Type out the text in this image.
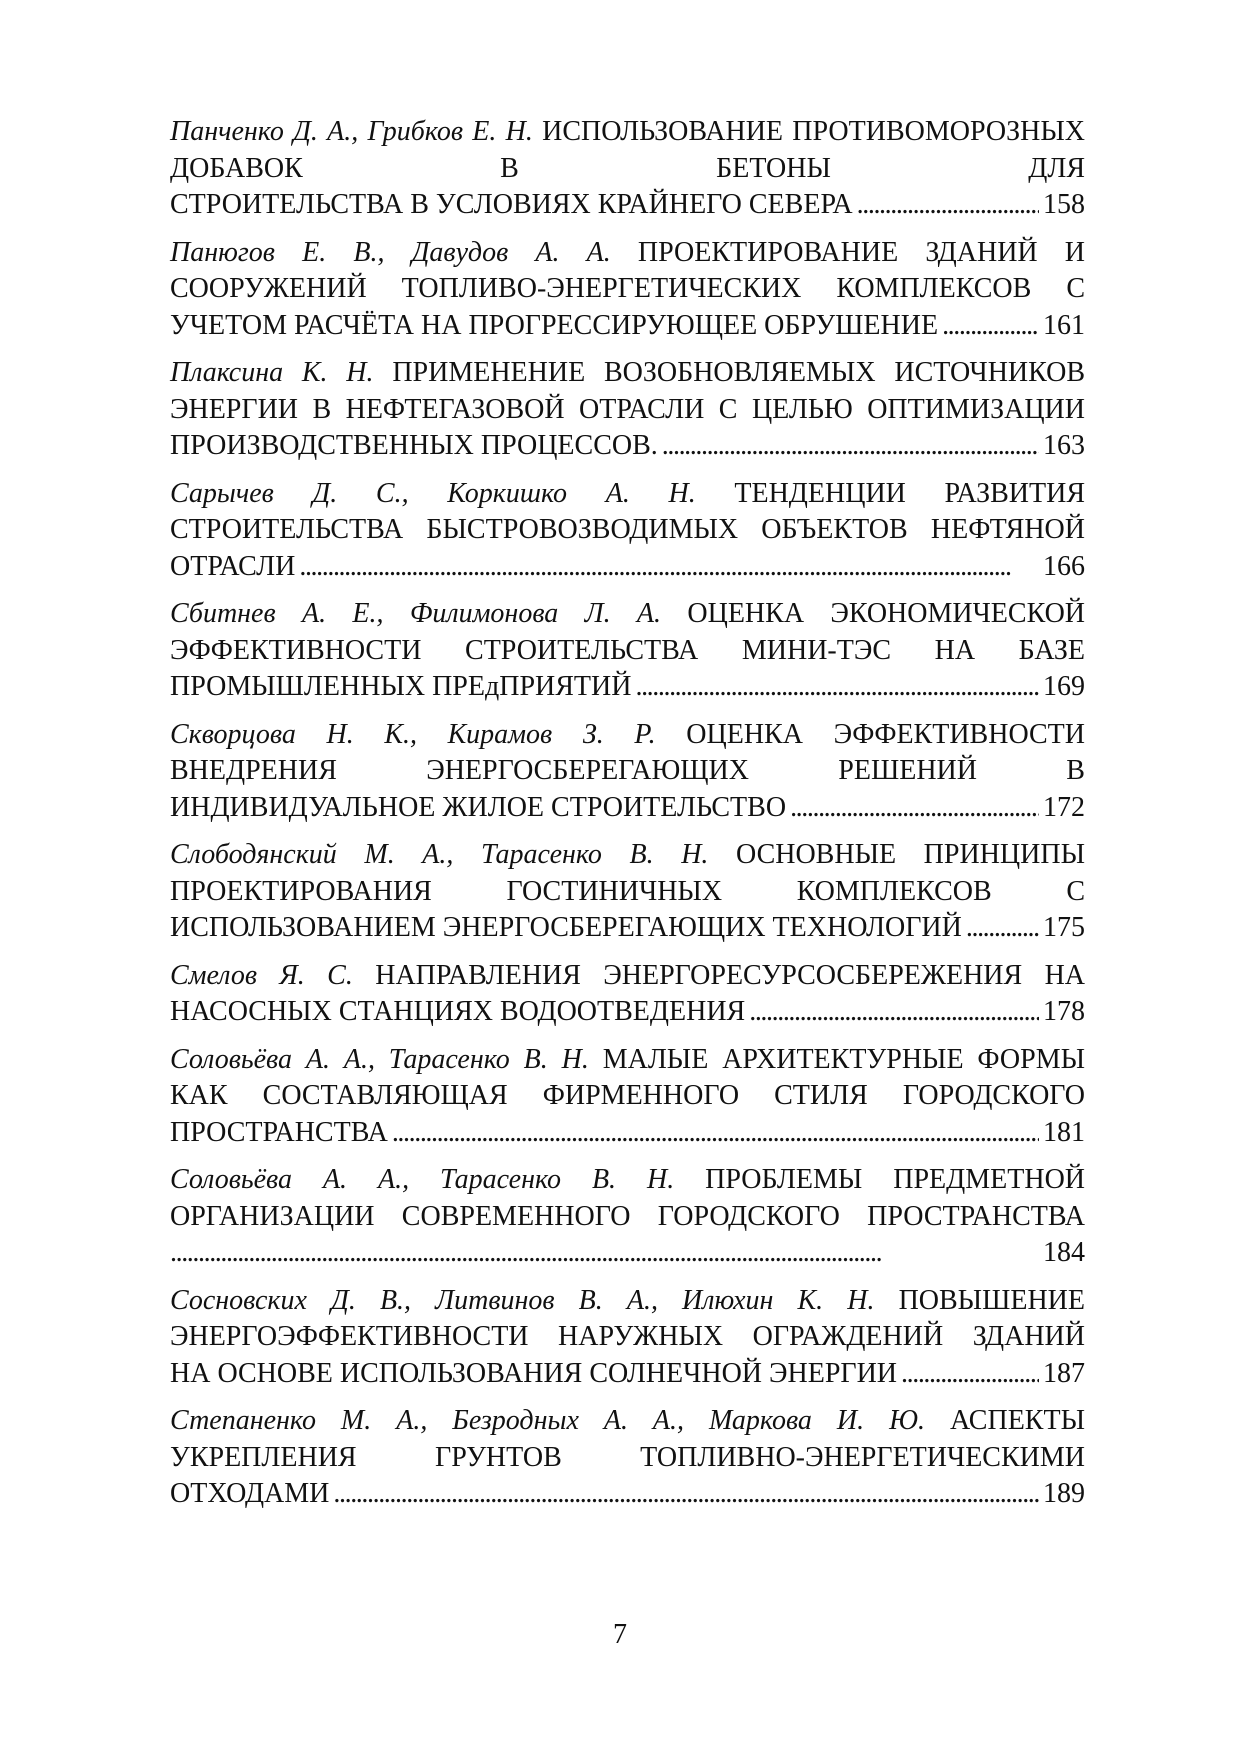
Панченко Д. А., Грибков Е. Н. ИСПОЛЬЗОВАНИЕ ПРОТИВОМОРОЗНЫХ ДОБАВОК В БЕТОНЫ ДЛЯ
СТРОИТЕЛЬСТВА В УСЛОВИЯХ КРАЙНЕГО СЕВЕРА . . .	158
Панюгов Е. В., Давудов А. А. ПРОЕКТИРОВАНИЕ ЗДАНИЙ И СООРУЖЕНИЙ ТОПЛИВО-ЭНЕРГЕТИЧЕСКИХ КОМПЛЕКСОВ С
УЧЕТОМ РАСЧЁТА НА ПРОГРЕССИРУЮЩЕЕ ОБРУШЕНИЕ . . .	161
Плаксина К. Н. ПРИМЕНЕНИЕ ВОЗОБНОВЛЯЕМЫХ ИСТОЧНИКОВ ЭНЕРГИИ В НЕФТЕГАЗОВОЙ ОТРАСЛИ С ЦЕЛЬЮ ОПТИМИЗАЦИИ
ПРОИЗВОДСТВЕННЫХ ПРОЦЕССОВ. . . .	163
Сарычев Д. С., Коркишко А. Н. ТЕНДЕНЦИИ РАЗВИТИЯ СТРОИТЕЛЬСТВА БЫСТРОВОЗВОДИМЫХ ОБЪЕКТОВ НЕФТЯНОЙ
ОТРАСЛИ . . .	166
Сбитнев А. Е., Филимонова Л. А. ОЦЕНКА ЭКОНОМИЧЕСКОЙ ЭФФЕКТИВНОСТИ СТРОИТЕЛЬСТВА МИНИ-ТЭС НА БАЗЕ
ПРОМЫШЛЕННЫХ ПРЕдПРИЯТИЙ . . .	169
Скворцова Н. К., Кирамов З. Р. ОЦЕНКА ЭФФЕКТИВНОСТИ ВНЕДРЕНИЯ ЭНЕРГОСБЕРЕГАЮЩИХ РЕШЕНИЙ В
ИНДИВИДУАЛЬНОЕ ЖИЛОЕ СТРОИТЕЛЬСТВО . . .	172
Слободянский М. А., Тарасенко В. Н. ОСНОВНЫЕ ПРИНЦИПЫ ПРОЕКТИРОВАНИЯ ГОСТИНИЧНЫХ КОМПЛЕКСОВ С
ИСПОЛЬЗОВАНИЕМ ЭНЕРГОСБЕРЕГАЮЩИХ ТЕХНОЛОГИЙ . . .	175
Смелов Я. С. НАПРАВЛЕНИЯ ЭНЕРГОРЕСУРСОСБЕРЕЖЕНИЯ НА
НАСОСНЫХ СТАНЦИЯХ ВОДООТВЕДЕНИЯ . . .	178
Соловьёва А. А., Тарасенко В. Н. МАЛЫЕ АРХИТЕКТУРНЫЕ ФОРМЫ КАК СОСТАВЛЯЮЩАЯ ФИРМЕННОГО СТИЛЯ ГОРОДСКОГО
ПРОСТРАНСТВА . . .	181
Соловьёва А. А., Тарасенко В. Н. ПРОБЛЕМЫ ПРЕДМЕТНОЙ ОРГАНИЗАЦИИ СОВРЕМЕННОГО ГОРОДСКОГО ПРОСТРАНСТВА
. . .
184
Сосновских Д. В., Литвинов В. А., Илюхин К. Н. ПОВЫШЕНИЕ ЭНЕРГОЭФФЕКТИВНОСТИ НАРУЖНЫХ ОГРАЖДЕНИЙ ЗДАНИЙ
НА ОСНОВЕ ИСПОЛЬЗОВАНИЯ СОЛНЕЧНОЙ ЭНЕРГИИ . . .	187
Степаненко М. А., Безродных А. А., Маркова И. Ю. АСПЕКТЫ УКРЕПЛЕНИЯ ГРУНТОВ ТОПЛИВНО-ЭНЕРГЕТИЧЕСКИМИ
ОТХОДАМИ . . .	189
7
